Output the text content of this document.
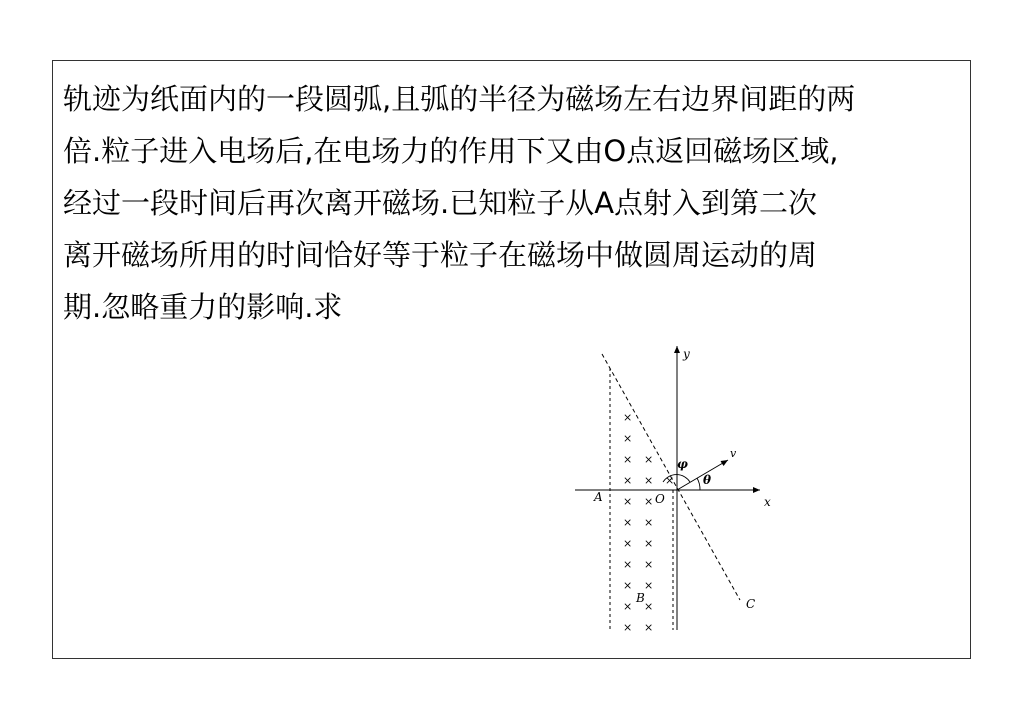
轨迹为纸面内的一段圆弧,且弧的半径为磁场左右边界间距的两
倍.粒子进入电场后,在电场力的作用下又由O点返回磁场区域,
经过一段时间后再次离开磁场.已知粒子从A点射入到第二次
离开磁场所用的时间恰好等于粒子在磁场中做圆周运动的周
期.忽略重力的影响.求
y
x
v
φ
θ
O
A
B	C
×
×
× ×
× × ×
× ×
× ×
× ×
× ×
× ×
× ×
× ×
